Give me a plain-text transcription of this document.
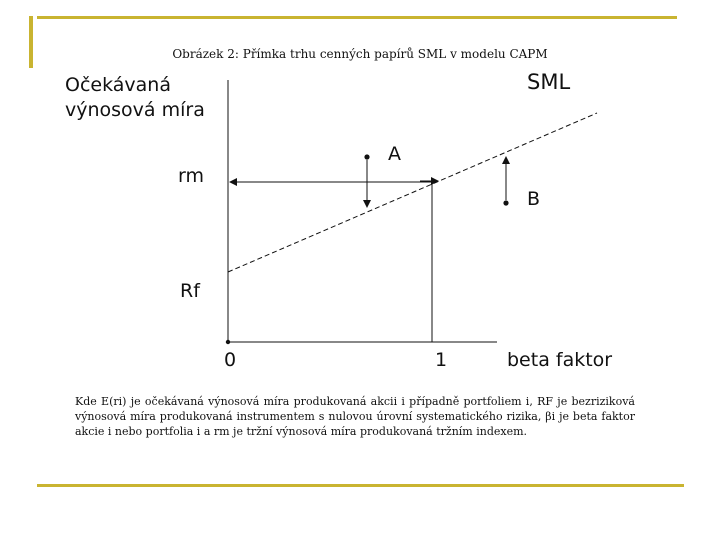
Obrázek 2: Přímka trhu cenných papírů SML v modelu CAPM
Očekávaná
výnosová míra
SML
A
B
rm
Rf
0	1	beta faktor
Kde E(ri) je očekávaná výnosová míra produkovaná akcii i případně portfoliem i, RF je bezriziková výnosová míra produkovaná instrumentem s nulovou úrovní systematického rizika, βi je beta faktor akcie i nebo portfolia i a rm je tržní výnosová míra produkovaná tržním indexem.
